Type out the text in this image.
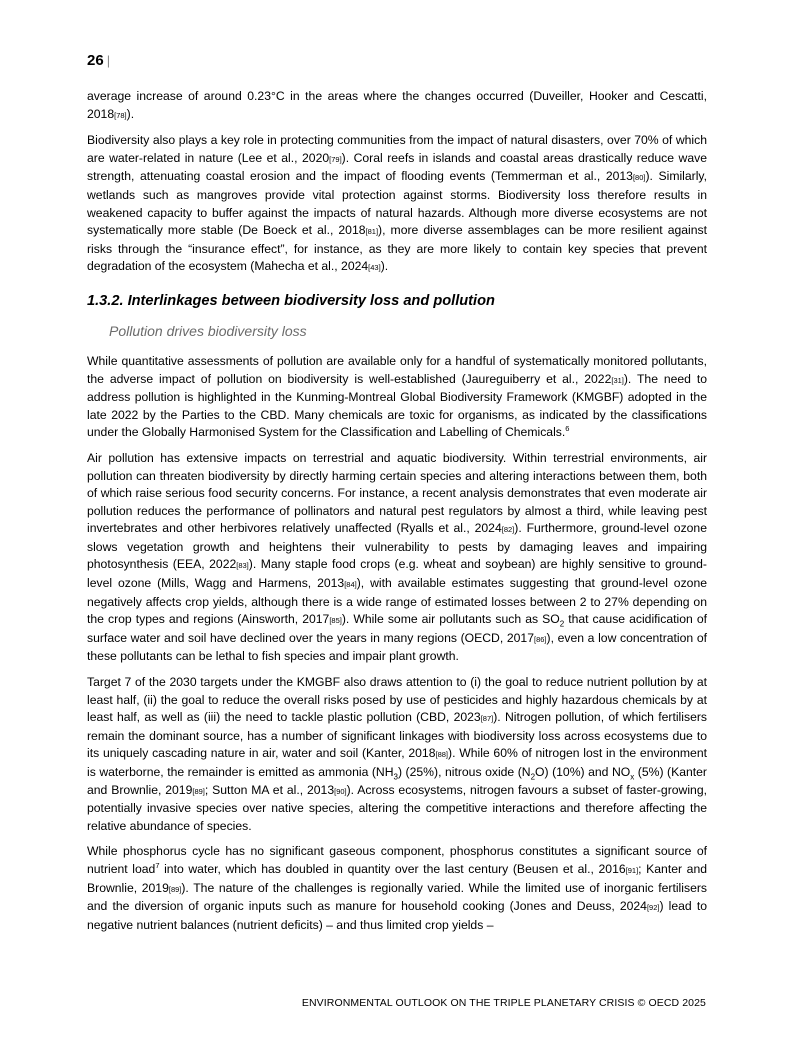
26 |

average increase of around 0.23°C in the areas where the changes occurred (Duveiller, Hooker and Cescatti, 2018[78]).

Biodiversity also plays a key role in protecting communities from the impact of natural disasters, over 70% of which are water-related in nature (Lee et al., 2020[79]). Coral reefs in islands and coastal areas drastically reduce wave strength, attenuating coastal erosion and the impact of flooding events (Temmerman et al., 2013[80]). Similarly, wetlands such as mangroves provide vital protection against storms. Biodiversity loss therefore results in weakened capacity to buffer against the impacts of natural hazards. Although more diverse ecosystems are not systematically more stable (De Boeck et al., 2018[81]), more diverse assemblages can be more resilient against risks through the “insurance effect”, for instance, as they are more likely to contain key species that prevent degradation of the ecosystem (Mahecha et al., 2024[43]).

1.3.2. Interlinkages between biodiversity loss and pollution
Pollution drives biodiversity loss

While quantitative assessments of pollution are available only for a handful of systematically monitored pollutants, the adverse impact of pollution on biodiversity is well-established (Jaureguiberry et al., 2022[31]). The need to address pollution is highlighted in the Kunming-Montreal Global Biodiversity Framework (KMGBF) adopted in the late 2022 by the Parties to the CBD. Many chemicals are toxic for organisms, as indicated by the classifications under the Globally Harmonised System for the Classification and Labelling of Chemicals.$^6$

Air pollution has extensive impacts on terrestrial and aquatic biodiversity. Within terrestrial environments, air pollution can threaten biodiversity by directly harming certain species and altering interactions between them, both of which raise serious food security concerns. For instance, a recent analysis demonstrates that even moderate air pollution reduces the performance of pollinators and natural pest regulators by almost a third, while leaving pest invertebrates and other herbivores relatively unaffected (Ryalls et al., 2024[82]). Furthermore, ground-level ozone slows vegetation growth and heightens their vulnerability to pests by damaging leaves and impairing photosynthesis (EEA, 2022[83]). Many staple food crops (e.g. wheat and soybean) are highly sensitive to ground-level ozone (Mills, Wagg and Harmens, 2013[84]), with available estimates suggesting that ground-level ozone negatively affects crop yields, although there is a wide range of estimated losses between 2 to 27% depending on the crop types and regions (Ainsworth, 2017[85]). While some air pollutants such as $SO_2$ that cause acidification of surface water and soil have declined over the years in many regions (OECD, 2017[86]), even a low concentration of these pollutants can be lethal to fish species and impair plant growth.

Target 7 of the 2030 targets under the KMGBF also draws attention to (i) the goal to reduce nutrient pollution by at least half, (ii) the goal to reduce the overall risks posed by use of pesticides and highly hazardous chemicals by at least half, as well as (iii) the need to tackle plastic pollution (CBD, 2023[87]). Nitrogen pollution, of which fertilisers remain the dominant source, has a number of significant linkages with biodiversity loss across ecosystems due to its uniquely cascading nature in air, water and soil (Kanter, 2018[88]). While 60% of nitrogen lost in the environment is waterborne, the remainder is emitted as ammonia $(NH_3)$ (25%), nitrous oxide $(N_2O)$ (10%) and $NO_x$ (5%) (Kanter and Brownlie, 2019[89]; Sutton MA et al., 2013[90]). Across ecosystems, nitrogen favours a subset of faster-growing, potentially invasive species over native species, altering the competitive interactions and therefore affecting the relative abundance of species.

While phosphorus cycle has no significant gaseous component, phosphorus constitutes a significant source of nutrient load$^7$ into water, which has doubled in quantity over the last century (Beusen et al., 2016[91]; Kanter and Brownlie, 2019[89]). The nature of the challenges is regionally varied. While the limited use of inorganic fertilisers and the diversion of organic inputs such as manure for household cooking (Jones and Deuss, 2024[92]) lead to negative nutrient balances (nutrient deficits) – and thus limited crop yields –

ENVIRONMENTAL OUTLOOK ON THE TRIPLE PLANETARY CRISIS © OECD 2025
